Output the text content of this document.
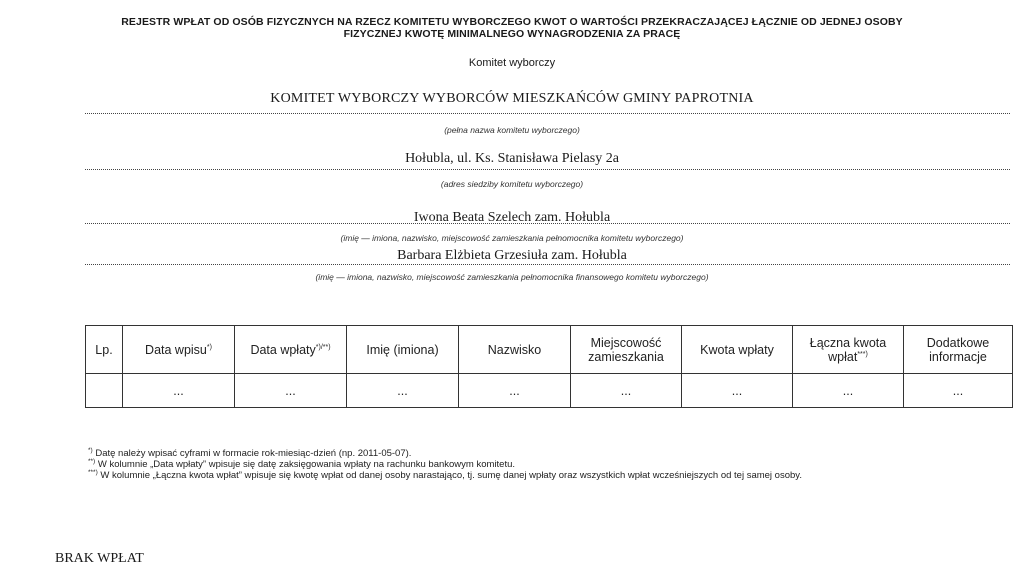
REJESTR WPŁAT OD OSÓB FIZYCZNYCH NA RZECZ KOMITETU WYBORCZEGO KWOT O WARTOŚCI PRZEKRACZAJĄCEJ ŁĄCZNIE OD JEDNEJ OSOBY
FIZYCZNEJ KWOTĘ MINIMALNEGO WYNAGRODZENIA ZA PRACĘ
Komitet wyborczy
KOMITET WYBORCZY WYBORCÓW MIESZKAŃCÓW GMINY PAPROTNIA
(pełna nazwa komitetu wyborczego)
Hołubla, ul. Ks. Stanisława Pielasy 2a
(adres siedziby komitetu wyborczego)
Iwona Beata Szelech zam. Hołubla
(imię — imiona, nazwisko, miejscowość zamieszkania pełnomocnika komitetu wyborczego)
Barbara Elżbieta Grzesiuła zam. Hołubla
(imię — imiona, nazwisko, miejscowość zamieszkania pełnomocnika finansowego komitetu wyborczego)
Lp.	Data wpisu*)	Data wpłaty*)/**)	Imię (imiona)	Nazwisko	Miejscowość zamieszkania	Kwota wpłaty	Łączna kwota wpłat***)	Dodatkowe informacje
	...	...	...	...	...	...	...	...
*) Datę należy wpisać cyframi w formacie rok-miesiąc-dzień (np. 2011-05-07).
**) W kolumnie „Data wpłaty” wpisuje się datę zaksięgowania wpłaty na rachunku bankowym komitetu.
***) W kolumnie „Łączna kwota wpłat” wpisuje się kwotę wpłat od danej osoby narastająco, tj. sumę danej wpłaty oraz wszystkich wpłat wcześniejszych od tej samej osoby.
BRAK WPŁAT
